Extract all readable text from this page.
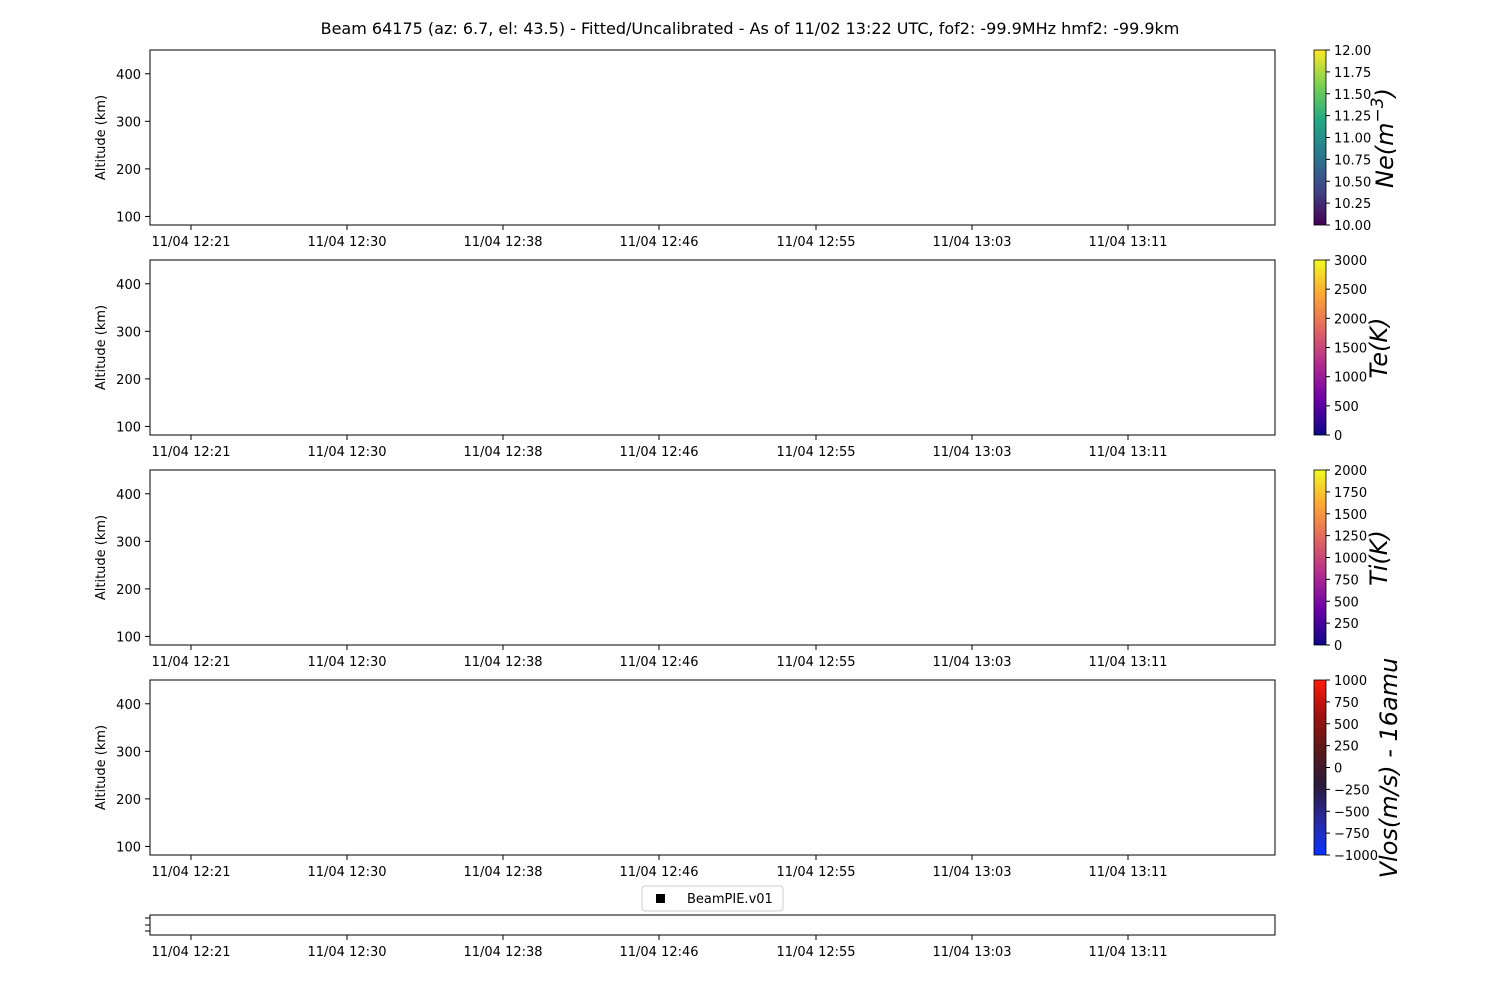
Beam 64175 (az: 6.7, el: 43.5) - Fitted/Uncalibrated - As of 11/02 13:22 UTC, fof2: -99.9MHz hmf2: -99.9km
100
200
300
400
Altitude (km)
11/04 12:21	11/04 12:30	11/04 12:38	11/04 12:46	11/04 12:55	11/04 13:03	11/04 13:11
10.00
10.25
10.50
10.75
11.00
11.25
11.50
11.75
12.00
$Ne(m^{-3})$
100
200
300
400
Altitude (km)
11/04 12:21	11/04 12:30	11/04 12:38	11/04 12:46	11/04 12:55	11/04 13:03	11/04 13:11
0
500
1000
1500
2000
2500
3000
Te(K)
100
200
300
400
Altitude (km)
11/04 12:21	11/04 12:30	11/04 12:38	11/04 12:46	11/04 12:55	11/04 13:03	11/04 13:11
0
250
500
750
1000
1250
1500
1750
2000
Ti(K)
100
200
300
400
Altitude (km)
11/04 12:21	11/04 12:30	11/04 12:38	11/04 12:46	11/04 12:55	11/04 13:03	11/04 13:11
−1000
−750
−500
−250
0
250
500
750
1000 Vlos(m/s) - 16amu
11/04 12:21	11/04 12:30	11/04 12:38	11/04 12:46	11/04 12:55	11/04 13:03	11/04 13:11
BeamPIE.v01
